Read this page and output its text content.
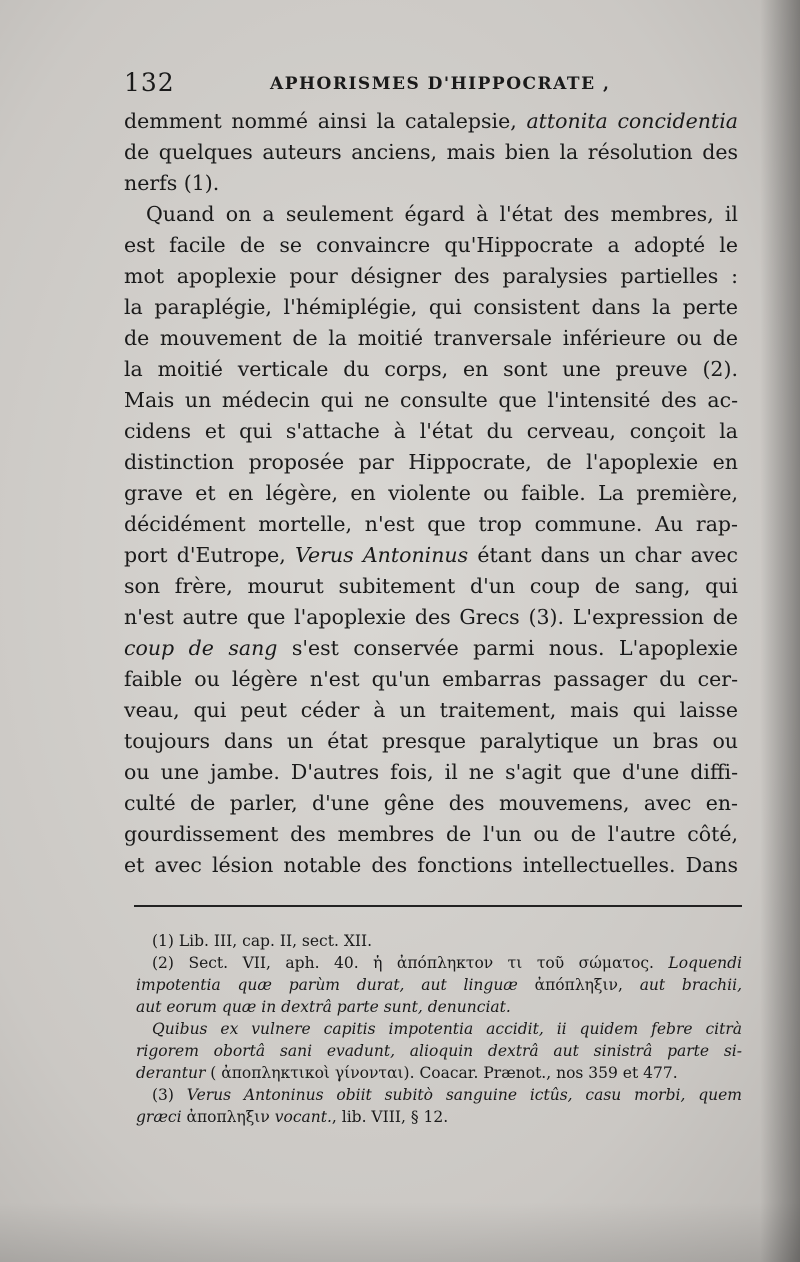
132	APHORISMES D'HIPPOCRATE ,
demment nommé ainsi la catalepsie, attonita concidentia
de quelques auteurs anciens, mais bien la résolution des
nerfs (1).
Quand on a seulement égard à l'état des membres, il
est facile de se convaincre qu'Hippocrate a adopté le
mot apoplexie pour désigner des paralysies partielles :
la paraplégie, l'hémiplégie, qui consistent dans la perte
de mouvement de la moitié tranversale inférieure ou de
la moitié verticale du corps, en sont une preuve (2).
Mais un médecin qui ne consulte que l'intensité des ac-
cidens et qui s'attache à l'état du cerveau, conçoit la
distinction proposée par Hippocrate, de l'apoplexie en
grave et en légère, en violente ou faible. La première,
décidément mortelle, n'est que trop commune. Au rap-
port d'Eutrope, Verus Antoninus étant dans un char avec
son frère, mourut subitement d'un coup de sang, qui
n'est autre que l'apoplexie des Grecs (3). L'expression de
coup de sang s'est conservée parmi nous. L'apoplexie
faible ou légère n'est qu'un embarras passager du cer-
veau, qui peut céder à un traitement, mais qui laisse
toujours dans un état presque paralytique un bras ou
ou une jambe. D'autres fois, il ne s'agit que d'une diffi-
culté de parler, d'une gêne des mouvemens, avec en-
gourdissement des membres de l'un ou de l'autre côté,
et avec lésion notable des fonctions intellectuelles. Dans
(1) Lib. III, cap. II, sect. XII.
(2) Sect. VII, aph. 40. ἡ ἀπόπληκτον τι τοῦ σώματος. Loquendi
impotentia quæ parùm durat, aut linguæ ἀπόπληξιν, aut brachii,
aut eorum quæ in dextrâ parte sunt, denunciat.
Quibus ex vulnere capitis impotentia accidit, ii quidem febre citrà
rigorem obortâ sani evadunt, alioquin dextrâ aut sinistrâ parte si-
derantur ( ἀποπληκτικοὶ γίνονται). Coacar. Prænot., nos 359 et 477.
(3) Verus Antoninus obiit subitò sanguine ictûs, casu morbi, quem
græci ἀποπληξιν vocant., lib. VIII, § 12.
